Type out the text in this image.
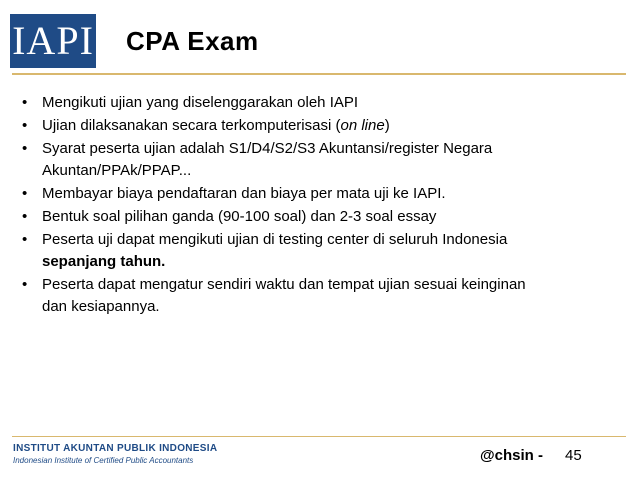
IAPI CPA Exam
• Mengikuti ujian yang diselenggarakan oleh IAPI
• Ujian dilaksanakan secara terkomputerisasi (on line)
• Syarat peserta ujian adalah S1/D4/S2/S3 Akuntansi/register Negara
Akuntan/PPAk/PPAP...
• Membayar biaya pendaftaran dan biaya per mata uji ke IAPI.
• Bentuk soal pilihan ganda (90-100 soal) dan 2-3 soal essay
• Peserta uji dapat mengikuti ujian di testing center di seluruh Indonesia
sepanjang tahun.
• Peserta dapat mengatur sendiri waktu dan tempat ujian sesuai keinginan
dan kesiapannya.
INSTITUT AKUNTAN PUBLIK INDONESIA
Indonesian Institute of Certified Public Accountants	@chsin - 45
